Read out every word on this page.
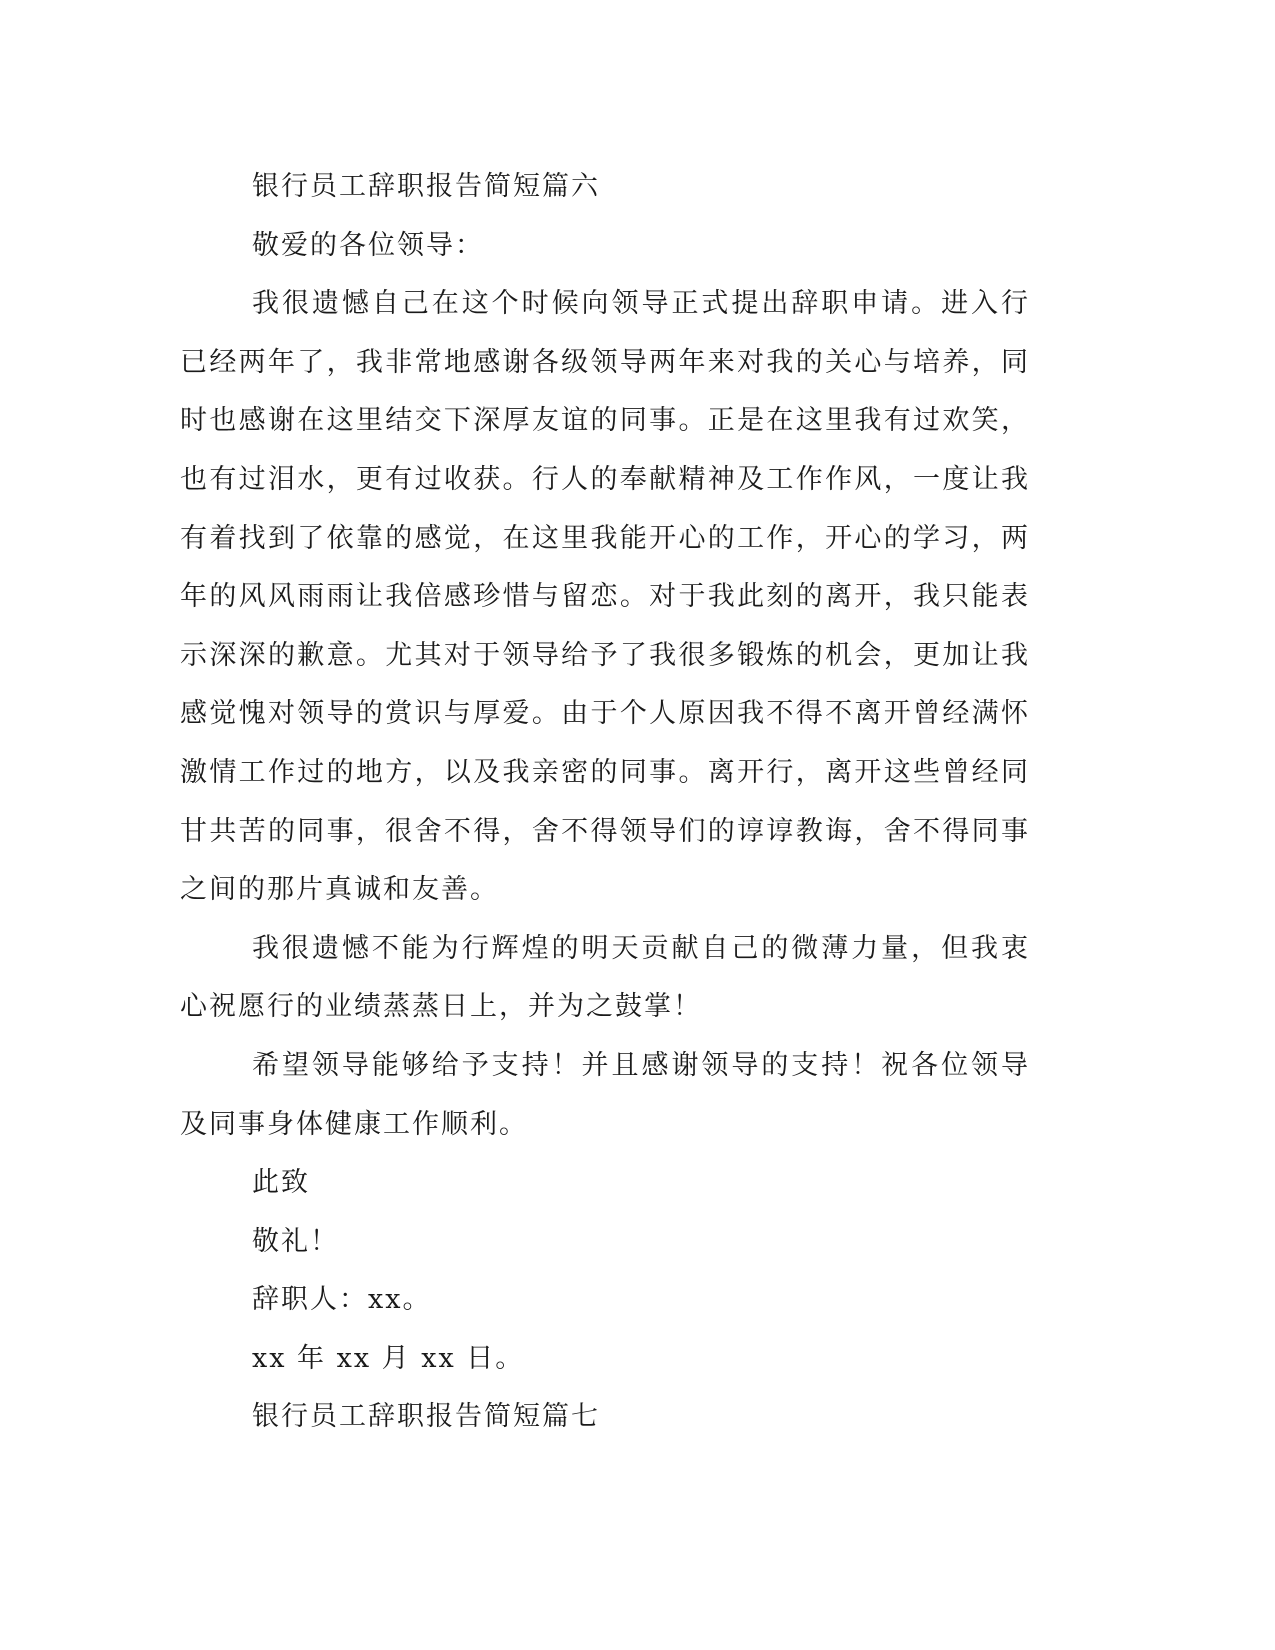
银行员工辞职报告简短篇六

敬爱的各位领导：

我很遗憾自己在这个时候向领导正式提出辞职申请。进入行已经两年了，我非常地感谢各级领导两年来对我的关心与培养，同时也感谢在这里结交下深厚友谊的同事。正是在这里我有过欢笑，也有过泪水，更有过收获。行人的奉献精神及工作作风，一度让我有着找到了依靠的感觉，在这里我能开心的工作，开心的学习，两年的风风雨雨让我倍感珍惜与留恋。对于我此刻的离开，我只能表示深深的歉意。尤其对于领导给予了我很多锻炼的机会，更加让我感觉愧对领导的赏识与厚爱。由于个人原因我不得不离开曾经满怀激情工作过的地方，以及我亲密的同事。离开行，离开这些曾经同甘共苦的同事，很舍不得，舍不得领导们的谆谆教诲，舍不得同事之间的那片真诚和友善。

我很遗憾不能为行辉煌的明天贡献自己的微薄力量，但我衷心祝愿行的业绩蒸蒸日上，并为之鼓掌！

希望领导能够给予支持！并且感谢领导的支持！祝各位领导及同事身体健康工作顺利。

此致

敬礼！

辞职人：xx。

xx 年 xx 月 xx 日。

银行员工辞职报告简短篇七
